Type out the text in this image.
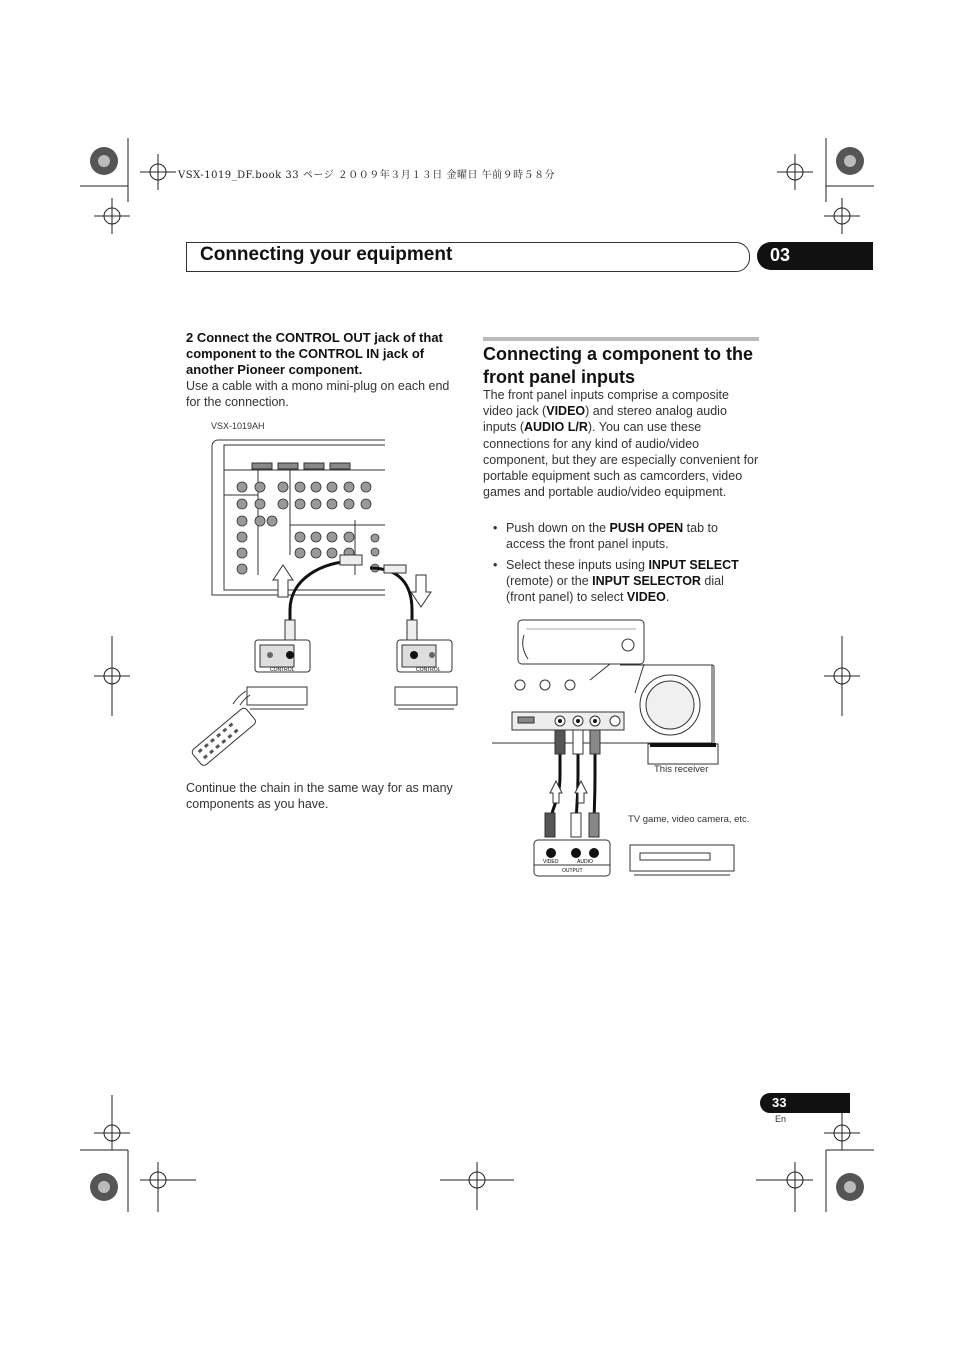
VSX-1019_DF.book 33 ページ ２００９年３月１３日 金曜日 午前９時５８分
Connecting your equipment	03
2 Connect the CONTROL OUT jack of that component to the CONTROL IN jack of another Pioneer component.
Use a cable with a mono mini-plug on each end for the connection.
VSX-1019AH
CONTROL	CONTROL
Continue the chain in the same way for as many components as you have.
Connecting a component to the front panel inputs
The front panel inputs comprise a composite video jack (VIDEO) and stereo analog audio inputs (AUDIO L/R). You can use these connections for any kind of audio/video component, but they are especially convenient for portable equipment such as camcorders, video games and portable audio/video equipment.
• Push down on the PUSH OPEN tab to access the front panel inputs.
• Select these inputs using INPUT SELECT (remote) or the INPUT SELECTOR dial (front panel) to select VIDEO.
VIDEO	AUDIO
OUTPUT
This receiver
TV game, video camera, etc.
33
En
